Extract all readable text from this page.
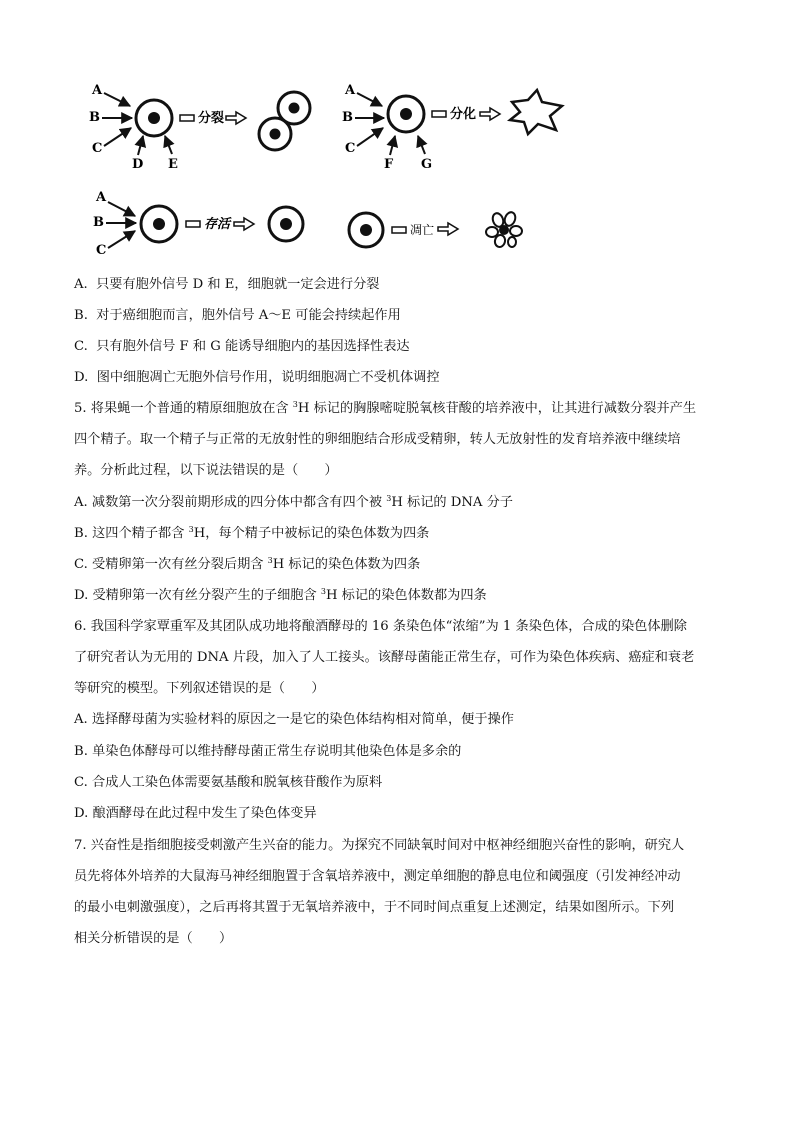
A
B
C
D E
分裂
A
B
C
F G
分化
A
B
C
存活	凋亡
A. 只要有胞外信号 D 和 E，细胞就一定会进行分裂
B. 对于癌细胞而言，胞外信号 A～E 可能会持续起作用
C. 只有胞外信号 F 和 G 能诱导细胞内的基因选择性表达
D. 图中细胞凋亡无胞外信号作用，说明细胞凋亡不受机体调控
5. 将果蝇一个普通的精原细胞放在含 $^3$H 标记的胸腺嘧啶脱氧核苷酸的培养液中，让其进行减数分裂并产生
四个精子。取一个精子与正常的无放射性的卵细胞结合形成受精卵，转人无放射性的发育培养液中继续培
养。分析此过程，以下说法错误的是（　　）
A. 减数第一次分裂前期形成的四分体中都含有四个被 $^3$H 标记的 DNA 分子
B. 这四个精子都含 $^3$H，每个精子中被标记的染色体数为四条
C. 受精卵第一次有丝分裂后期含 $^3$H 标记的染色体数为四条
D. 受精卵第一次有丝分裂产生的子细胞含 $^3$H 标记的染色体数都为四条
6. 我国科学家覃重军及其团队成功地将酿酒酵母的 16 条染色体“浓缩”为 1 条染色体，合成的染色体删除
了研究者认为无用的 DNA 片段，加入了人工接头。该酵母菌能正常生存，可作为染色体疾病、癌症和衰老
等研究的模型。下列叙述错误的是（　　）
A. 选择酵母菌为实验材料的原因之一是它的染色体结构相对简单，便于操作
B. 单染色体酵母可以维持酵母菌正常生存说明其他染色体是多余的
C. 合成人工染色体需要氨基酸和脱氧核苷酸作为原料
D. 酿酒酵母在此过程中发生了染色体变异
7. 兴奋性是指细胞接受刺激产生兴奋的能力。为探究不同缺氧时间对中枢神经细胞兴奋性的影响，研究人
员先将体外培养的大鼠海马神经细胞置于含氧培养液中，测定单细胞的静息电位和阈强度（引发神经冲动
的最小电刺激强度），之后再将其置于无氧培养液中，于不同时间点重复上述测定，结果如图所示。下列
相关分析错误的是（　　）
